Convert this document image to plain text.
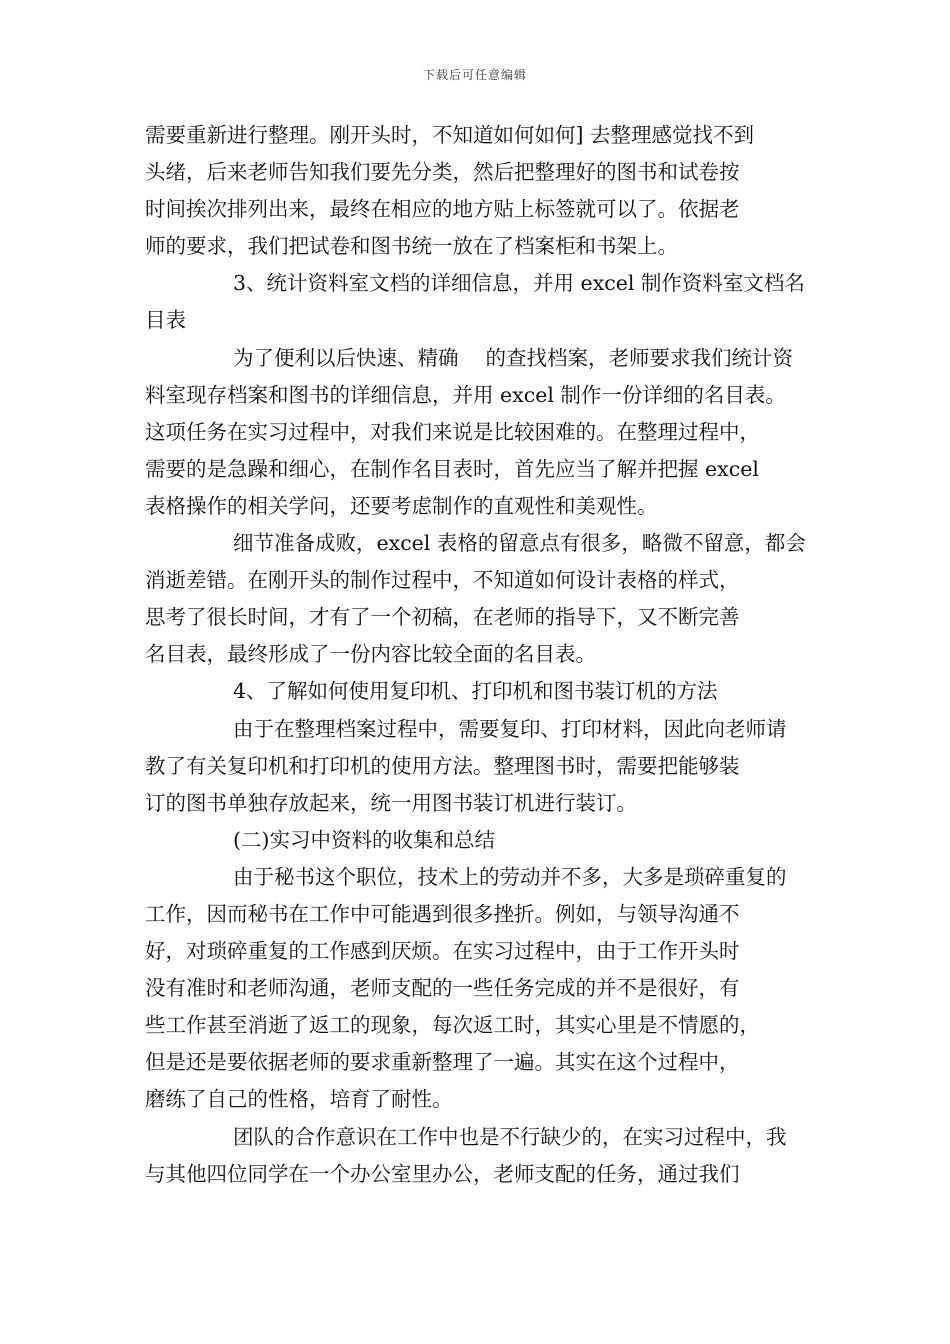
下载后可任意编辑

需要重新进行整理。刚开头时，不知道如何如何] 去整理感觉找不到

头绪，后来老师告知我们要先分类，然后把整理好的图书和试卷按

时间挨次排列出来，最终在相应的地方贴上标签就可以了。依据老

师的要求，我们把试卷和图书统一放在了档案柜和书架上。

3、统计资料室文档的详细信息，并用 excel 制作资料室文档名

目表

为了便利以后快速、精确　 的查找档案，老师要求我们统计资

料室现存档案和图书的详细信息，并用 excel 制作一份详细的名目表。

这项任务在实习过程中，对我们来说是比较困难的。在整理过程中，

需要的是急躁和细心，在制作名目表时，首先应当了解并把握 excel

表格操作的相关学问，还要考虑制作的直观性和美观性。

细节准备成败，excel 表格的留意点有很多，略微不留意，都会

消逝差错。在刚开头的制作过程中，不知道如何设计表格的样式，

思考了很长时间，才有了一个初稿，在老师的指导下，又不断完善

名目表，最终形成了一份内容比较全面的名目表。

4、了解如何使用复印机、打印机和图书装订机的方法

由于在整理档案过程中，需要复印、打印材料，因此向老师请

教了有关复印机和打印机的使用方法。整理图书时，需要把能够装

订的图书单独存放起来，统一用图书装订机进行装订。

(二)实习中资料的收集和总结

由于秘书这个职位，技术上的劳动并不多，大多是琐碎重复的

工作，因而秘书在工作中可能遇到很多挫折。例如，与领导沟通不

好，对琐碎重复的工作感到厌烦。在实习过程中，由于工作开头时

没有准时和老师沟通，老师支配的一些任务完成的并不是很好，有

些工作甚至消逝了返工的现象，每次返工时，其实心里是不情愿的，

但是还是要依据老师的要求重新整理了一遍。其实在这个过程中，

磨练了自己的性格，培育了耐性。

团队的合作意识在工作中也是不行缺少的，在实习过程中，我

与其他四位同学在一个办公室里办公，老师支配的任务，通过我们
